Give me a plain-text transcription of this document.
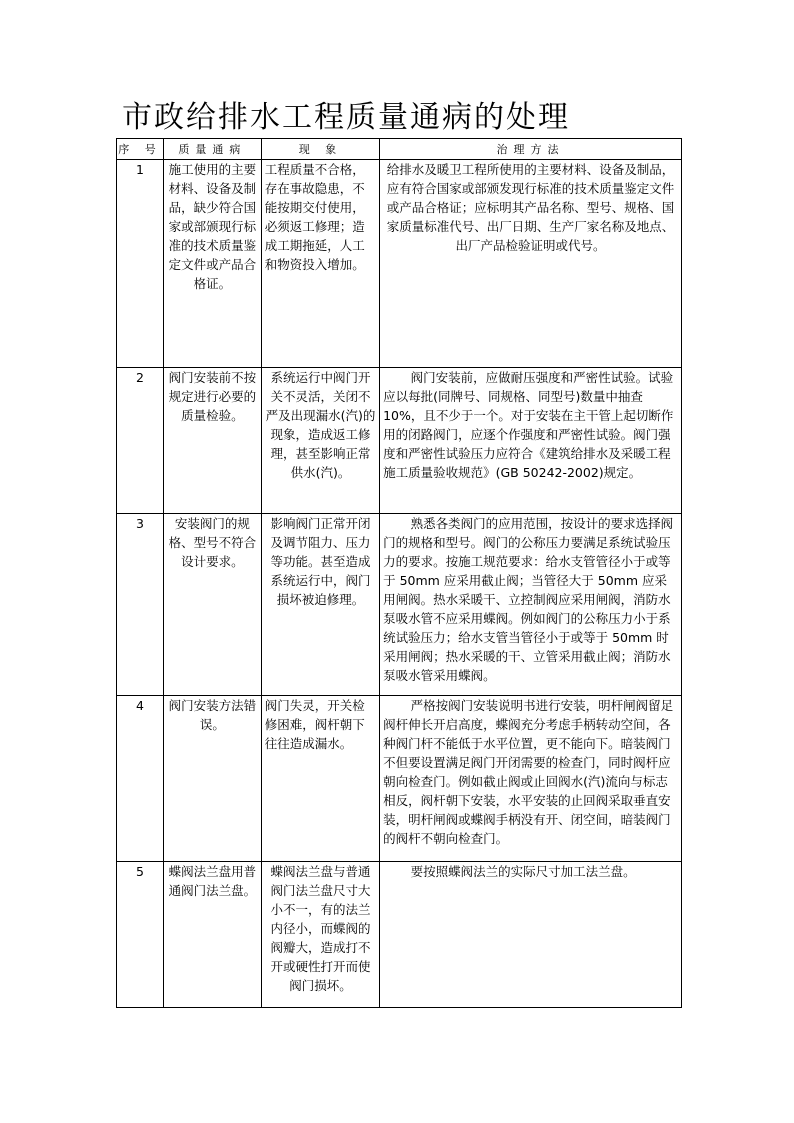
市政给排水工程质量通病的处理
序 号	质量通病	现 象	治理方法
1	施工使用的主要材料、设备及制品，缺少符合国家或部颁现行标准的技术质量鉴定文件或产品合格证。	工程质量不合格，存在事故隐患，不能按期交付使用，必须返工修理；造成工期拖延，人工和物资投入增加。	给排水及暖卫工程所使用的主要材料、设备及制品，应有符合国家或部颁发现行标准的技术质量鉴定文件或产品合格证；应标明其产品名称、型号、规格、国家质量标准代号、出厂日期、生产厂家名称及地点、出厂产品检验证明或代号。
2	阀门安装前不按规定进行必要的质量检验。	系统运行中阀门开关不灵活，关闭不严及出现漏水(汽)的现象，造成返工修理，甚至影响正常供水(汽)。	阀门安装前，应做耐压强度和严密性试验。试验应以每批(同牌号、同规格、同型号)数量中抽查 10%，且不少于一个。对于安装在主干管上起切断作用的闭路阀门，应逐个作强度和严密性试验。阀门强度和严密性试验压力应符合《建筑给排水及采暖工程施工质量验收规范》(GB 50242-2002)规定。
3	安装阀门的规格、型号不符合设计要求。	影响阀门正常开闭及调节阻力、压力等功能。甚至造成系统运行中，阀门损坏被迫修理。	熟悉各类阀门的应用范围，按设计的要求选择阀门的规格和型号。阀门的公称压力要满足系统试验压力的要求。按施工规范要求：给水支管管径小于或等于 50mm 应采用截止阀；当管径大于 50mm 应采用闸阀。热水采暖干、立控制阀应采用闸阀，消防水泵吸水管不应采用蝶阀。例如阀门的公称压力小于系统试验压力；给水支管当管径小于或等于 50mm 时采用闸阀；热水采暖的干、立管采用截止阀；消防水泵吸水管采用蝶阀。
4	阀门安装方法错误。	阀门失灵，开关检修困难，阀杆朝下往往造成漏水。	严格按阀门安装说明书进行安装，明杆闸阀留足阀杆伸长开启高度，蝶阀充分考虑手柄转动空间，各种阀门杆不能低于水平位置，更不能向下。暗装阀门不但要设置满足阀门开闭需要的检查门，同时阀杆应朝向检查门。例如截止阀或止回阀水(汽)流向与标志相反，阀杆朝下安装，水平安装的止回阀采取垂直安装，明杆闸阀或蝶阀手柄没有开、闭空间，暗装阀门的阀杆不朝向检查门。
5	蝶阀法兰盘用普通阀门法兰盘。	蝶阀法兰盘与普通阀门法兰盘尺寸大小不一，有的法兰内径小，而蝶阀的阀瓣大，造成打不开或硬性打开而使阀门损坏。	要按照蝶阀法兰的实际尺寸加工法兰盘。
